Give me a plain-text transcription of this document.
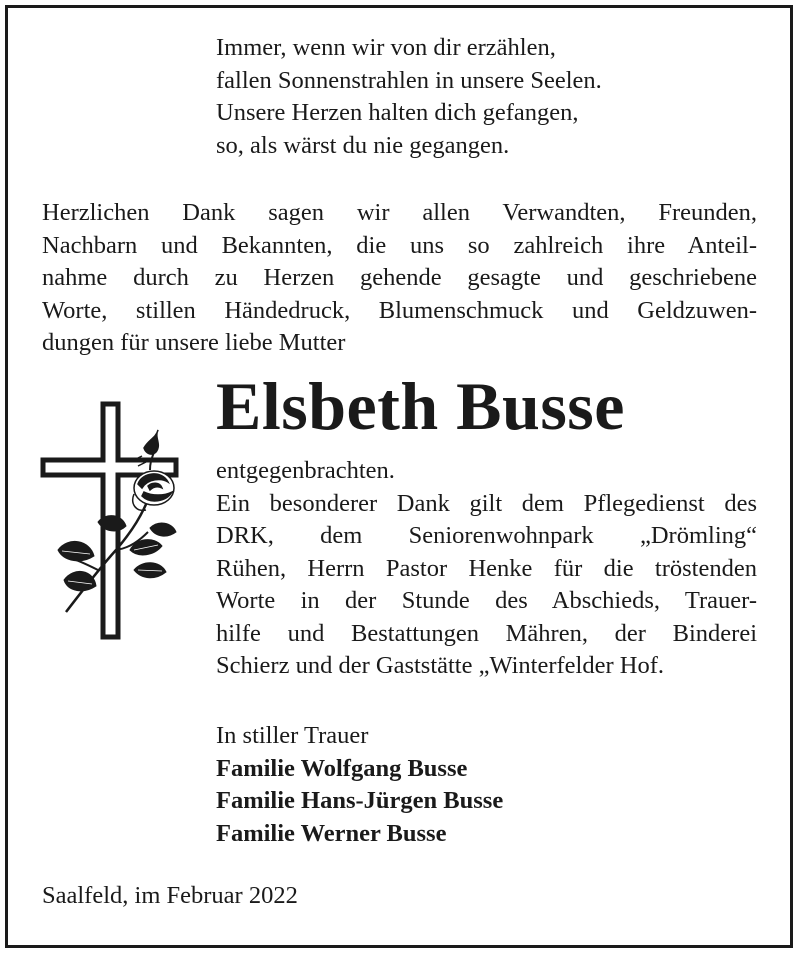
Immer, wenn wir von dir erzählen,
fallen Sonnenstrahlen in unsere Seelen.
Unsere Herzen halten dich gefangen,
so, als wärst du nie gegangen.
Herzlichen Dank sagen wir allen Verwandten, Freunden,
Nachbarn und Bekannten, die uns so zahlreich ihre Anteil-
nahme durch zu Herzen gehende gesagte und geschriebene
Worte, stillen Händedruck, Blumenschmuck und Geldzuwen-
dungen für unsere liebe Mutter
Elsbeth Busse
entgegenbrachten.
Ein besonderer Dank gilt dem Pflegedienst des
DRK, dem Seniorenwohnpark „Drömling“
Rühen, Herrn Pastor Henke für die tröstenden
Worte in der Stunde des Abschieds, Trauer-
hilfe und Bestattungen Mähren, der Binderei
Schierz und der Gaststätte „Winterfelder Hof.
In stiller Trauer
Familie Wolfgang Busse
Familie Hans-Jürgen Busse
Familie Werner Busse
Saalfeld, im Februar 2022
